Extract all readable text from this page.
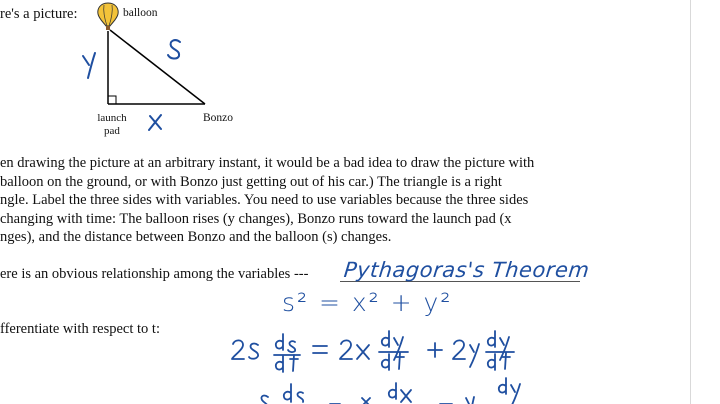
re's a picture:	balloon
launch
pad
Bonzo
en drawing the picture at an arbitrary instant, it would be a bad idea to draw the picture with
balloon on the ground, or with Bonzo just getting out of his car.) The triangle is a right
ngle. Label the three sides with variables. You need to use variables because the three sides
changing with time: The balloon rises (y changes), Bonzo runs toward the launch pad (x
nges), and the distance between Bonzo and the balloon (s) changes.
ere is an obvious relationship among the variables --- Pythagoras's Theorem
s² = x² + y²
fferentiate with respect to t:
